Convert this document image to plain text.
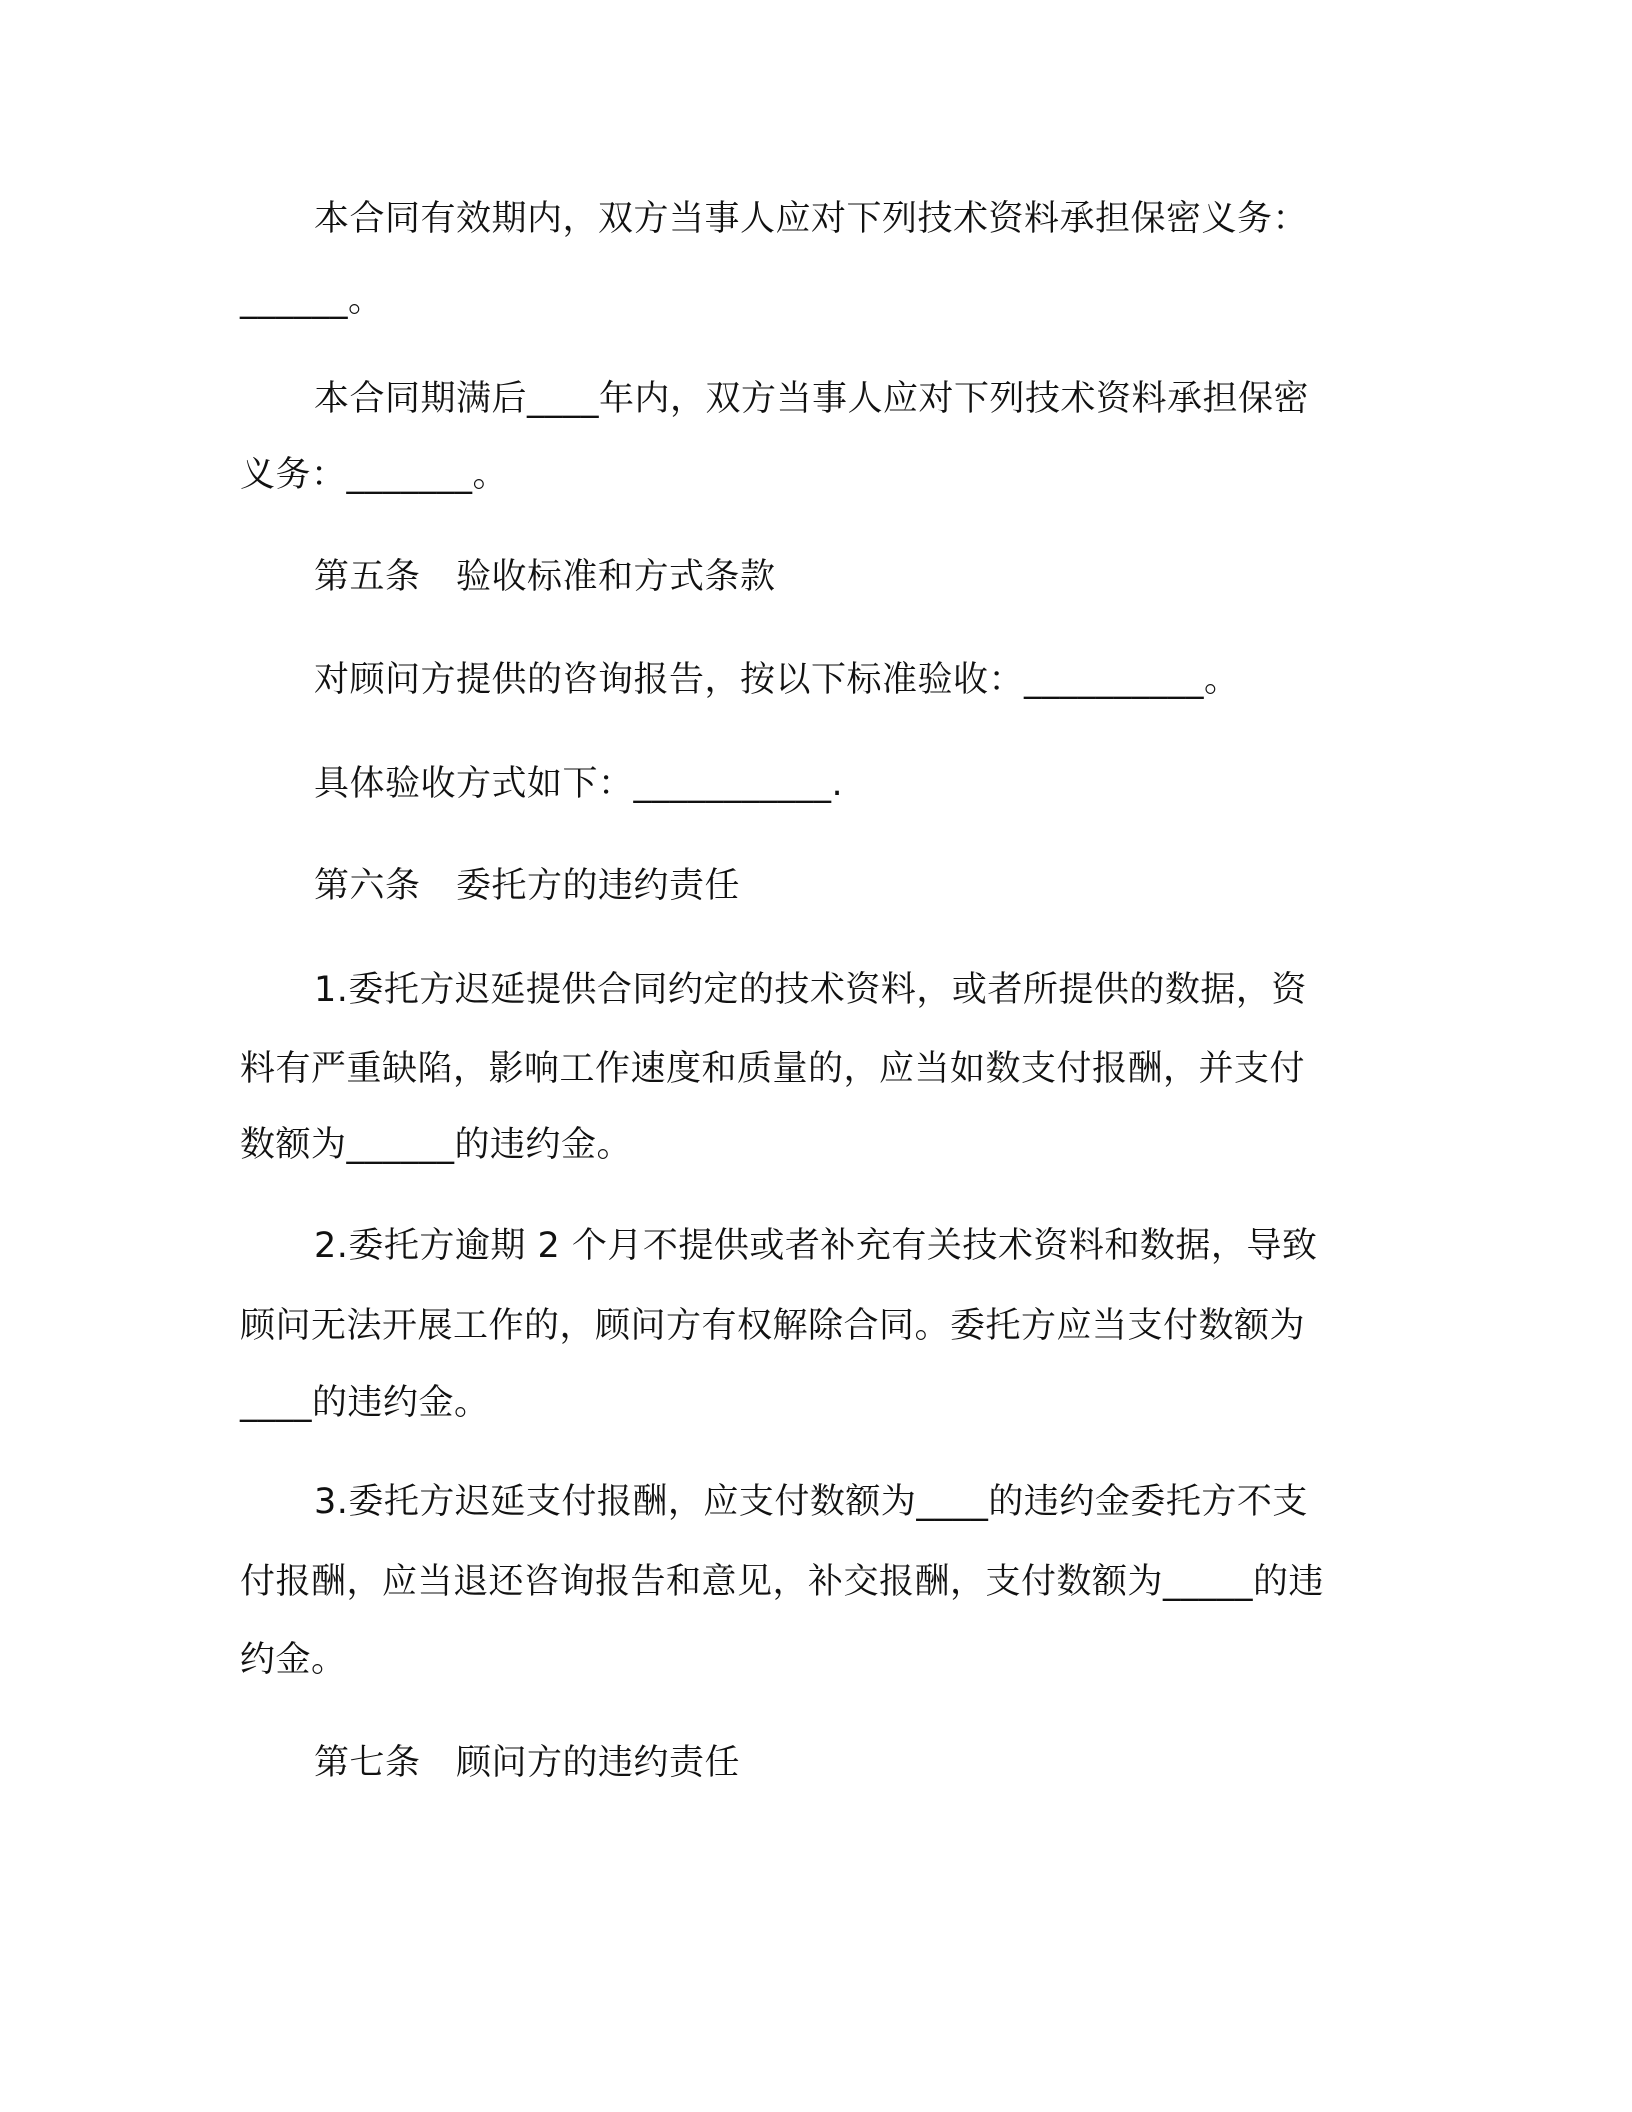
本合同有效期内，双方当事人应对下列技术资料承担保密义务：

______。

本合同期满后____年内，双方当事人应对下列技术资料承担保密

义务：_______。

第五条　验收标准和方式条款

对顾问方提供的咨询报告，按以下标准验收：__________。

具体验收方式如下：___________.

第六条　委托方的违约责任

1.委托方迟延提供合同约定的技术资料，或者所提供的数据，资

料有严重缺陷，影响工作速度和质量的，应当如数支付报酬，并支付

数额为______的违约金。

2.委托方逾期 2 个月不提供或者补充有关技术资料和数据，导致

顾问无法开展工作的，顾问方有权解除合同。委托方应当支付数额为

____的违约金。

3.委托方迟延支付报酬，应支付数额为____的违约金委托方不支

付报酬，应当退还咨询报告和意见，补交报酬，支付数额为_____的违

约金。

第七条　顾问方的违约责任
